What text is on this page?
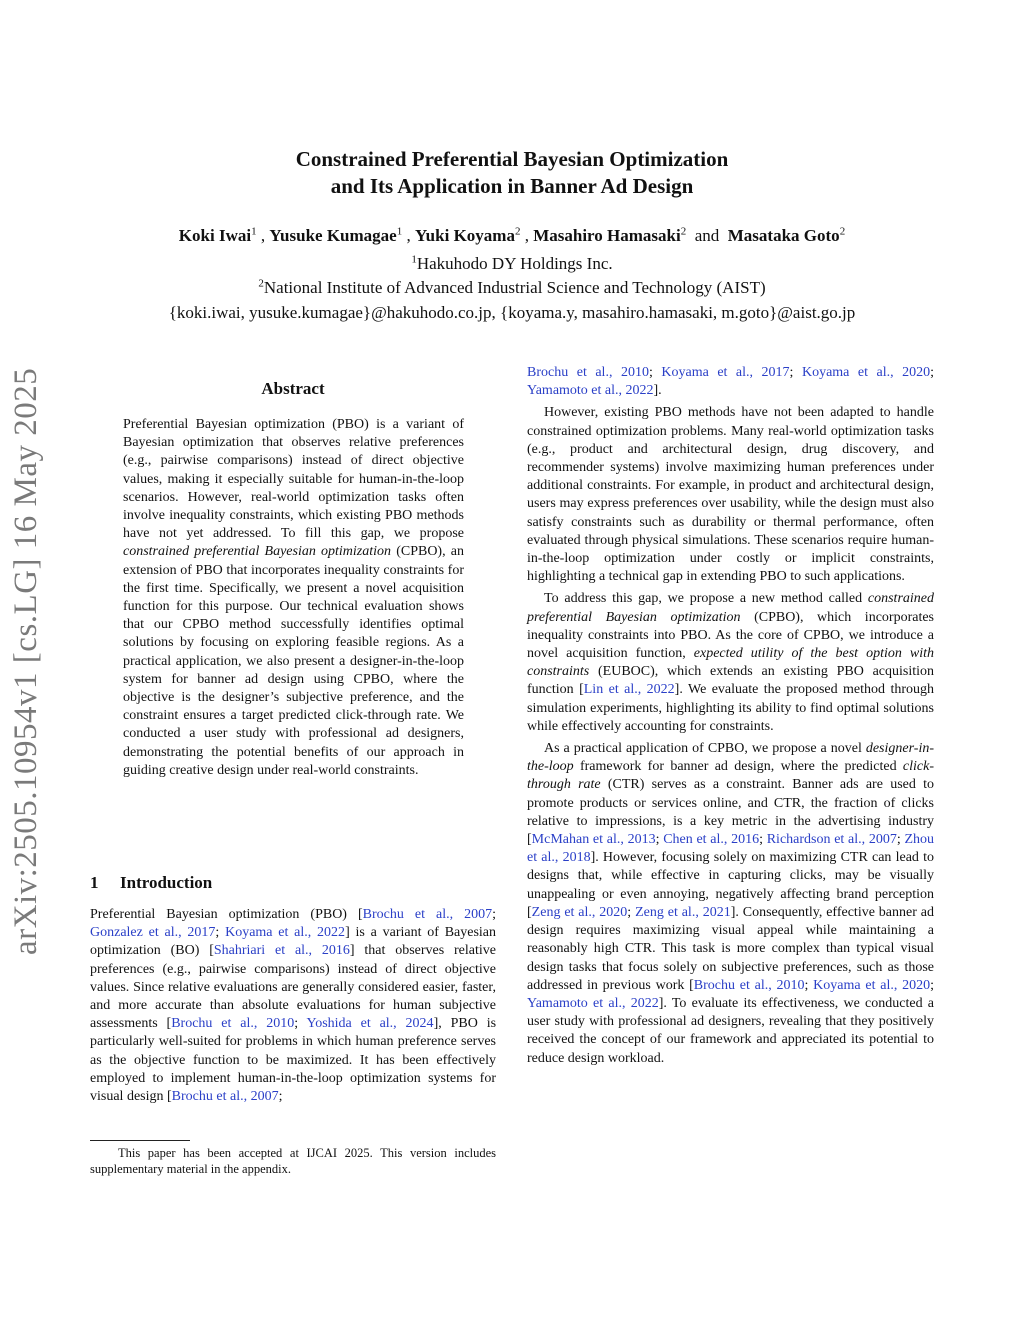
arXiv:2505.10954v1 [cs.LG] 16 May 2025
Constrained Preferential Bayesian Optimization
and Its Application in Banner Ad Design
Koki Iwai$^1$ , Yusuke Kumagae$^1$ , Yuki Koyama$^2$ , Masahiro Hamasaki$^2$ and Masataka Goto$^2$
$^1$Hakuhodo DY Holdings Inc.
$^2$National Institute of Advanced Industrial Science and Technology (AIST)
{koki.iwai, yusuke.kumagae}@hakuhodo.co.jp, {koyama.y, masahiro.hamasaki, m.goto}@aist.go.jp
Abstract
Preferential Bayesian optimization (PBO) is a variant of Bayesian optimization that observes relative preferences (e.g., pairwise comparisons) instead of direct objective values, making it especially suitable for human-in-the-loop scenarios. However, real-world optimization tasks often involve inequality constraints, which existing PBO methods have not yet addressed. To fill this gap, we propose constrained preferential Bayesian optimization (CPBO), an extension of PBO that incorporates inequality constraints for the first time. Specifically, we present a novel acquisition function for this purpose. Our technical evaluation shows that our CPBO method successfully identifies optimal solutions by focusing on exploring feasible regions. As a practical application, we also present a designer-in-the-loop system for banner ad design using CPBO, where the objective is the designer’s subjective preference, and the constraint ensures a target predicted click-through rate. We conducted a user study with professional ad designers, demonstrating the potential benefits of our approach in guiding creative design under real-world constraints.
1 Introduction

Preferential Bayesian optimization (PBO) [Brochu et al., 2007; Gonzalez et al., 2017; Koyama et al., 2022] is a variant of Bayesian optimization (BO) [Shahriari et al., 2016] that observes relative preferences (e.g., pairwise comparisons) instead of direct objective values. Since relative evaluations are generally considered easier, faster, and more accurate than absolute evaluations for human subjective assessments [Brochu et al., 2010; Yoshida et al., 2024], PBO is particularly well-suited for problems in which human preference serves as the objective function to be maximized. It has been effectively employed to implement human-in-the-loop optimization systems for visual design [Brochu et al., 2007;

This paper has been accepted at IJCAI 2025. This version includes supplementary material in the appendix.

Brochu et al., 2010; Koyama et al., 2017; Koyama et al., 2020; Yamamoto et al., 2022].

However, existing PBO methods have not been adapted to handle constrained optimization problems. Many real-world optimization tasks (e.g., product and architectural design, drug discovery, and recommender systems) involve maximizing human preferences under additional constraints. For example, in product and architectural design, users may express preferences over usability, while the design must also satisfy constraints such as durability or thermal performance, often evaluated through physical simulations. These scenarios require human-in-the-loop optimization under costly or implicit constraints, highlighting a technical gap in extending PBO to such applications.

To address this gap, we propose a new method called constrained preferential Bayesian optimization (CPBO), which incorporates inequality constraints into PBO. As the core of CPBO, we introduce a novel acquisition function, expected utility of the best option with constraints (EUBOC), which extends an existing PBO acquisition function [Lin et al., 2022]. We evaluate the proposed method through simulation experiments, highlighting its ability to find optimal solutions while effectively accounting for constraints.

As a practical application of CPBO, we propose a novel designer-in-the-loop framework for banner ad design, where the predicted click-through rate (CTR) serves as a constraint. Banner ads are used to promote products or services online, and CTR, the fraction of clicks relative to impressions, is a key metric in the advertising industry [McMahan et al., 2013; Chen et al., 2016; Richardson et al., 2007; Zhou et al., 2018]. However, focusing solely on maximizing CTR can lead to designs that, while effective in capturing clicks, may be visually unappealing or even annoying, negatively affecting brand perception [Zeng et al., 2020; Zeng et al., 2021]. Consequently, effective banner ad design requires maximizing visual appeal while maintaining a reasonably high CTR. This task is more complex than typical visual design tasks that focus solely on subjective preferences, such as those addressed in previous work [Brochu et al., 2010; Koyama et al., 2020; Yamamoto et al., 2022]. To evaluate its effectiveness, we conducted a user study with professional ad designers, revealing that they positively received the concept of our framework and appreciated its potential to reduce design workload.
